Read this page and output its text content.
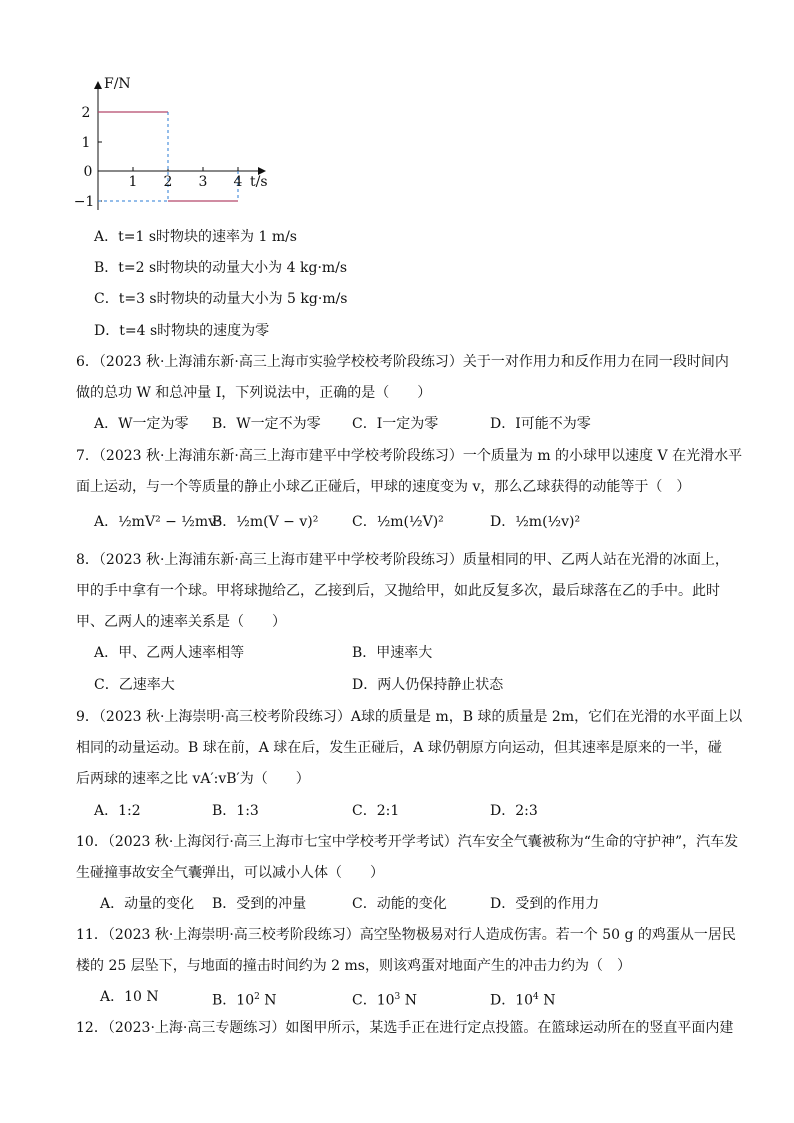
F/N
2
1
0
−1
1 2 3 4 t/s
A．t=1 s时物块的速率为 1 m/s
B．t=2 s时物块的动量大小为 4 kg·m/s
C．t=3 s时物块的动量大小为 5 kg·m/s
D．t=4 s时物块的速度为零
6．（2023 秋·上海浦东新·高三上海市实验学校校考阶段练习）关于一对作用力和反作用力在同一段时间内
做的总功 W 和总冲量 I，下列说法中，正确的是（　　）
A．W一定为零 B．W一定不为零 C．I一定为零	D．I可能不为零
7．（2023 秋·上海浦东新·高三上海市建平中学校考阶段练习）一个质量为 m 的小球甲以速度 V 在光滑水平
面上运动，与一个等质量的静止小球乙正碰后，甲球的速度变为 v，那么乙球获得的动能等于（　）
A．½mV² − ½mv²
B．½m(V − v)² C．½m(½V)²	D．½m(½v)²
8．（2023 秋·上海浦东新·高三上海市建平中学校考阶段练习）质量相同的甲、乙两人站在光滑的冰面上，
甲的手中拿有一个球。甲将球抛给乙，乙接到后，又抛给甲，如此反复多次，最后球落在乙的手中。此时
甲、乙两人的速率关系是（　　）
A．甲、乙两人速率相等	B．甲速率大
C．乙速率大	D．两人仍保持静止状态
9．（2023 秋·上海崇明·高三校考阶段练习）A球的质量是 m，B 球的质量是 2m，它们在光滑的水平面上以
相同的动量运动。B 球在前，A 球在后，发生正碰后，A 球仍朝原方向运动，但其速率是原来的一半，碰
后两球的速率之比 vA′:vB′为（　　）
A．1:2	B．1:3	C．2:1	D．2:3
10．（2023 秋·上海闵行·高三上海市七宝中学校考开学考试）汽车安全气囊被称为“生命的守护神”，汽车发
生碰撞事故安全气囊弹出，可以减小人体（　　）
A．动量的变化 B．受到的冲量	C．动能的变化	D．受到的作用力
11．（2023 秋·上海崇明·高三校考阶段练习）高空坠物极易对行人造成伤害。若一个 50 g 的鸡蛋从一居民
楼的 25 层坠下，与地面的撞击时间约为 2 ms，则该鸡蛋对地面产生的冲击力约为（　）
A．10 N	B．$10^2$ N	C．$10^3$ N	D．$10^4$ N
12．（2023·上海·高三专题练习）如图甲所示，某选手正在进行定点投篮。在篮球运动所在的竖直平面内建
